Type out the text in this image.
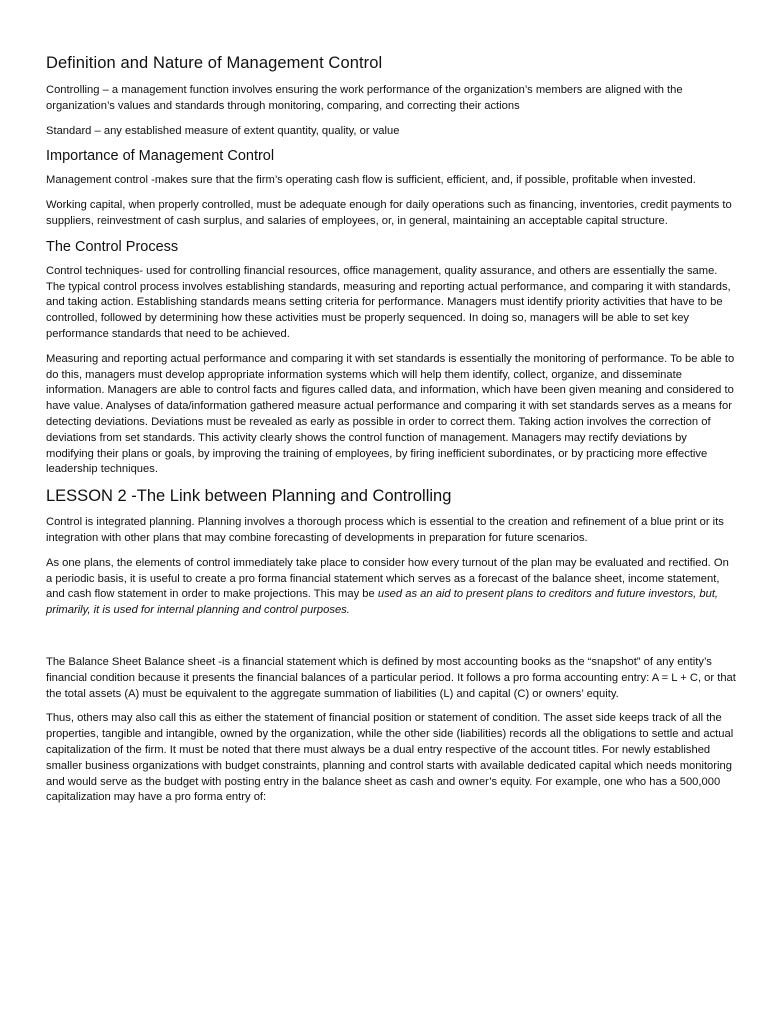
Definition and Nature of Management Control

Controlling – a management function involves ensuring the work performance of the organization’s members are aligned with the organization’s values and standards through monitoring, comparing, and correcting their actions

Standard – any established measure of extent quantity, quality, or value

Importance of Management Control

Management control -makes sure that the firm’s operating cash flow is sufficient, efficient, and, if possible, profitable when invested.

Working capital, when properly controlled, must be adequate enough for daily operations such as financing, inventories, credit payments to suppliers, reinvestment of cash surplus, and salaries of employees, or, in general, maintaining an acceptable capital structure.

The Control Process

Control techniques- used for controlling financial resources, office management, quality assurance, and others are essentially the same. The typical control process involves establishing standards, measuring and reporting actual performance, and comparing it with standards, and taking action. Establishing standards means setting criteria for performance. Managers must identify priority activities that have to be controlled, followed by determining how these activities must be properly sequenced. In doing so, managers will be able to set key performance standards that need to be achieved.

Measuring and reporting actual performance and comparing it with set standards is essentially the monitoring of performance. To be able to do this, managers must develop appropriate information systems which will help them identify, collect, organize, and disseminate information. Managers are able to control facts and figures called data, and information, which have been given meaning and considered to have value. Analyses of data/information gathered measure actual performance and comparing it with set standards serves as a means for detecting deviations. Deviations must be revealed as early as possible in order to correct them. Taking action involves the correction of deviations from set standards. This activity clearly shows the control function of management. Managers may rectify deviations by modifying their plans or goals, by improving the training of employees, by firing inefficient subordinates, or by practicing more effective leadership techniques.

LESSON 2 -The Link between Planning and Controlling

Control is integrated planning. Planning involves a thorough process which is essential to the creation and refinement of a blue print or its integration with other plans that may combine forecasting of developments in preparation for future scenarios.

As one plans, the elements of control immediately take place to consider how every turnout of the plan may be evaluated and rectified. On a periodic basis, it is useful to create a pro forma financial statement which serves as a forecast of the balance sheet, income statement, and cash flow statement in order to make projections. This may be used as an aid to present plans to creditors and future investors, but, primarily, it is used for internal planning and control purposes.

The Balance Sheet Balance sheet -is a financial statement which is defined by most accounting books as the “snapshot” of any entity’s financial condition because it presents the financial balances of a particular period. It follows a pro forma accounting entry: A = L + C, or that the total assets (A) must be equivalent to the aggregate summation of liabilities (L) and capital (C) or owners’ equity.

Thus, others may also call this as either the statement of financial position or statement of condition. The asset side keeps track of all the properties, tangible and intangible, owned by the organization, while the other side (liabilities) records all the obligations to settle and actual capitalization of the firm. It must be noted that there must always be a dual entry respective of the account titles. For newly established smaller business organizations with budget constraints, planning and control starts with available dedicated capital which needs monitoring and would serve as the budget with posting entry in the balance sheet as cash and owner’s equity. For example, one who has a 500,000 capitalization may have a pro forma entry of:
